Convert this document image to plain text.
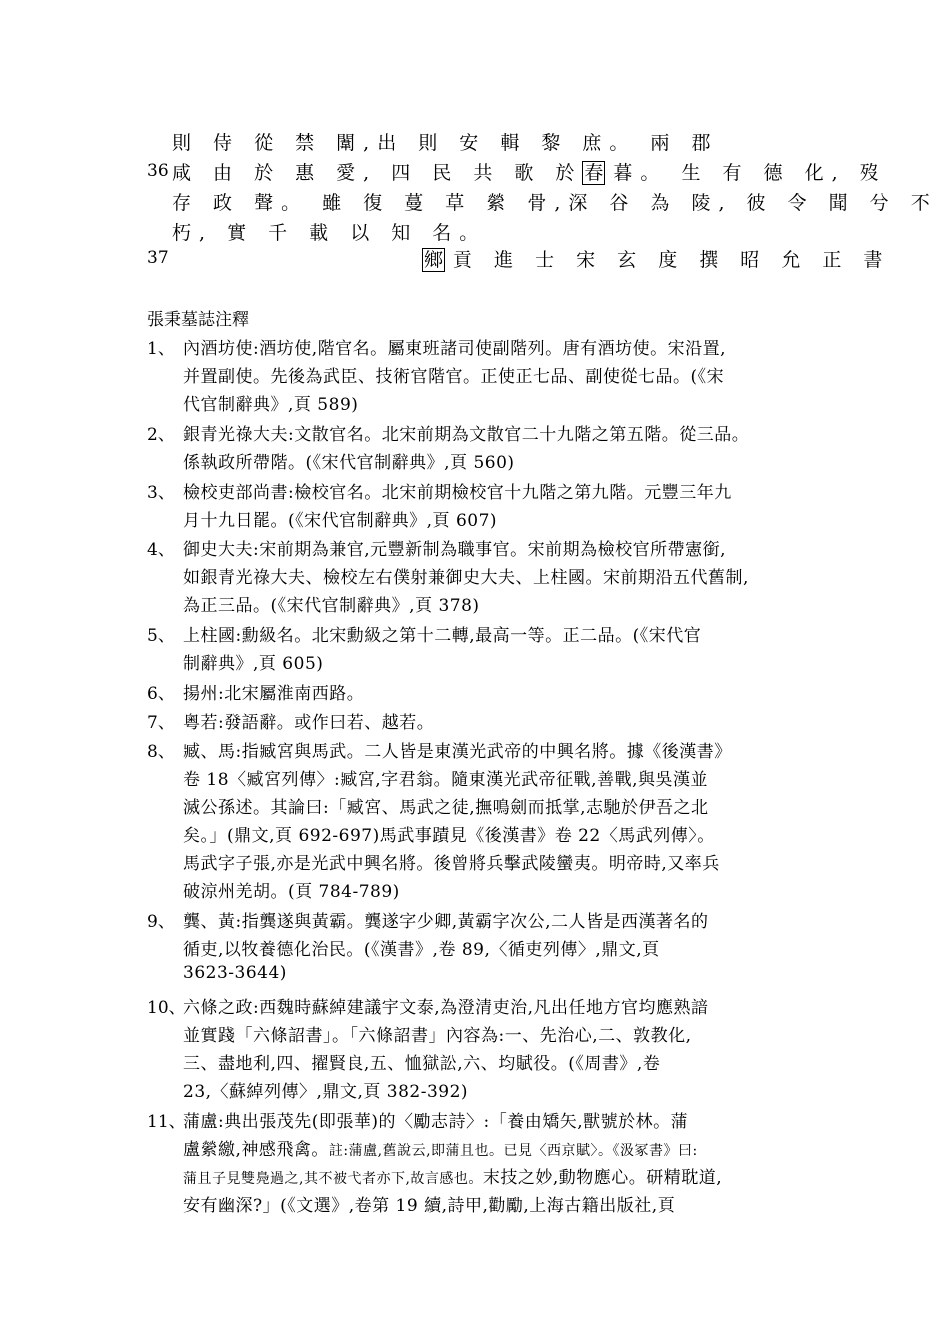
則 侍 從 禁 闈,出 則 安 輯 黎 庶。 兩 郡
36 咸 由 於 惠 愛, 四 民 共 歌 於 春 暮。 生 有 德 化, 歿
存 政 聲。 雖 復 蔓 草 縈 骨,深 谷 為 陵, 彼 令 聞 兮 不
朽, 實 千 載 以 知 名。
37	鄉 貢 進 士 宋 玄 度 撰 昭 允 正 書
張秉墓誌注釋
1、 內酒坊使:酒坊使,階官名。屬東班諸司使副階列。唐有酒坊使。宋沿置,
并置副使。先後為武臣、技術官階官。正使正七品、副使從七品。(《宋
代官制辭典》,頁 589)
2、 銀青光祿大夫:文散官名。北宋前期為文散官二十九階之第五階。從三品。
係執政所帶階。(《宋代官制辭典》,頁 560)
3、 檢校吏部尚書:檢校官名。北宋前期檢校官十九階之第九階。元豐三年九
月十九日罷。(《宋代官制辭典》,頁 607)
4、 御史大夫:宋前期為兼官,元豐新制為職事官。宋前期為檢校官所帶憲銜,
如銀青光祿大夫、檢校左右僕射兼御史大夫、上柱國。宋前期沿五代舊制,
為正三品。(《宋代官制辭典》,頁 378)
5、 上柱國:勳級名。北宋勳級之第十二轉,最高一等。正二品。(《宋代官
制辭典》,頁 605)
6、 揚州:北宋屬淮南西路。
7、 粵若:發語辭。或作曰若、越若。
8、 臧、馬:指臧宮與馬武。二人皆是東漢光武帝的中興名將。據《後漢書》
卷 18〈臧宮列傳〉:臧宮,字君翁。隨東漢光武帝征戰,善戰,與吳漢並
滅公孫述。其論曰:「臧宮、馬武之徒,撫鳴劍而抵掌,志馳於伊吾之北
矣。」(鼎文,頁 692-697)馬武事蹟見《後漢書》卷 22〈馬武列傳〉。
馬武字子張,亦是光武中興名將。後曾將兵擊武陵蠻夷。明帝時,又率兵
破涼州羌胡。(頁 784-789)
9、 龔、黃:指龔遂與黃霸。龔遂字少卿,黃霸字次公,二人皆是西漢著名的
循吏,以牧養德化治民。(《漢書》,卷 89,〈循吏列傳〉,鼎文,頁
3623-3644)
10、
六條之政:西魏時蘇綽建議宇文泰,為澄清吏治,凡出任地方官均應熟諳
並實踐「六條詔書」。「六條詔書」內容為:一、先治心,二、敦教化,
三、盡地利,四、擢賢良,五、恤獄訟,六、均賦役。(《周書》,卷
23,〈蘇綽列傳〉,鼎文,頁 382-392)
11、
蒲盧:典出張茂先(即張華)的〈勵志詩〉:「養由矯矢,獸號於林。蒲
盧縈繳,神感飛禽。註:蒲盧,舊說云,即蒲且也。已見〈西京賦〉。《汲冢書》曰:
蒲且子見雙鳧過之,其不被弋者亦下,故言感也。末技之妙,動物應心。研精耽道,
安有幽深?」(《文選》,卷第 19 續,詩甲,勸勵,上海古籍出版社,頁
